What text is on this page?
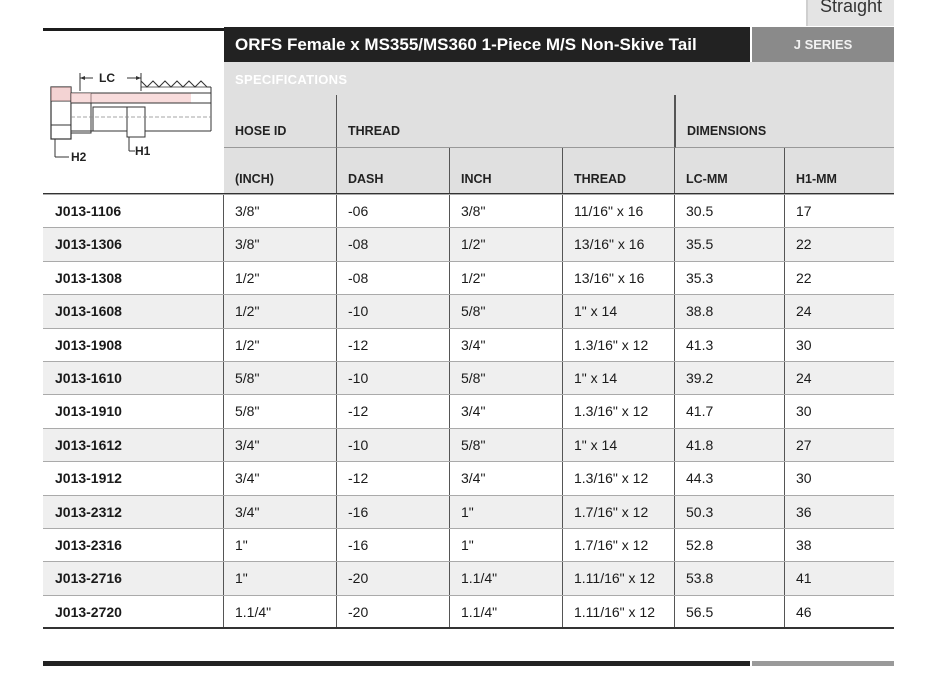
Straight
LC
H2	H1
ORFS Female x MS355/MS360 1-Piece M/S Non-Skive Tail	J SERIES
SPECIFICATIONS
HOSE ID	THREAD	DIMENSIONS
(INCH)	DASH	INCH	THREAD	LC-MM	H1-MM
J013-1106	3/8"	-06	3/8"	11/16" x 16	30.5	17
J013-1306	3/8"	-08	1/2"	13/16" x 16	35.5	22
J013-1308	1/2"	-08	1/2"	13/16" x 16	35.3	22
J013-1608	1/2"	-10	5/8"	1" x 14	38.8	24
J013-1908	1/2"	-12	3/4"	1.3/16" x 12	41.3	30
J013-1610	5/8"	-10	5/8"	1" x 14	39.2	24
J013-1910	5/8"	-12	3/4"	1.3/16" x 12	41.7	30
J013-1612	3/4"	-10	5/8"	1" x 14	41.8	27
J013-1912	3/4"	-12	3/4"	1.3/16" x 12	44.3	30
J013-2312	3/4"	-16	1"	1.7/16" x 12	50.3	36
J013-2316	1"	-16	1"	1.7/16" x 12	52.8	38
J013-2716	1"	-20	1.1/4"	1.11/16" x 12	53.8	41
J013-2720	1.1/4"	-20	1.1/4"	1.11/16" x 12	56.5	46
